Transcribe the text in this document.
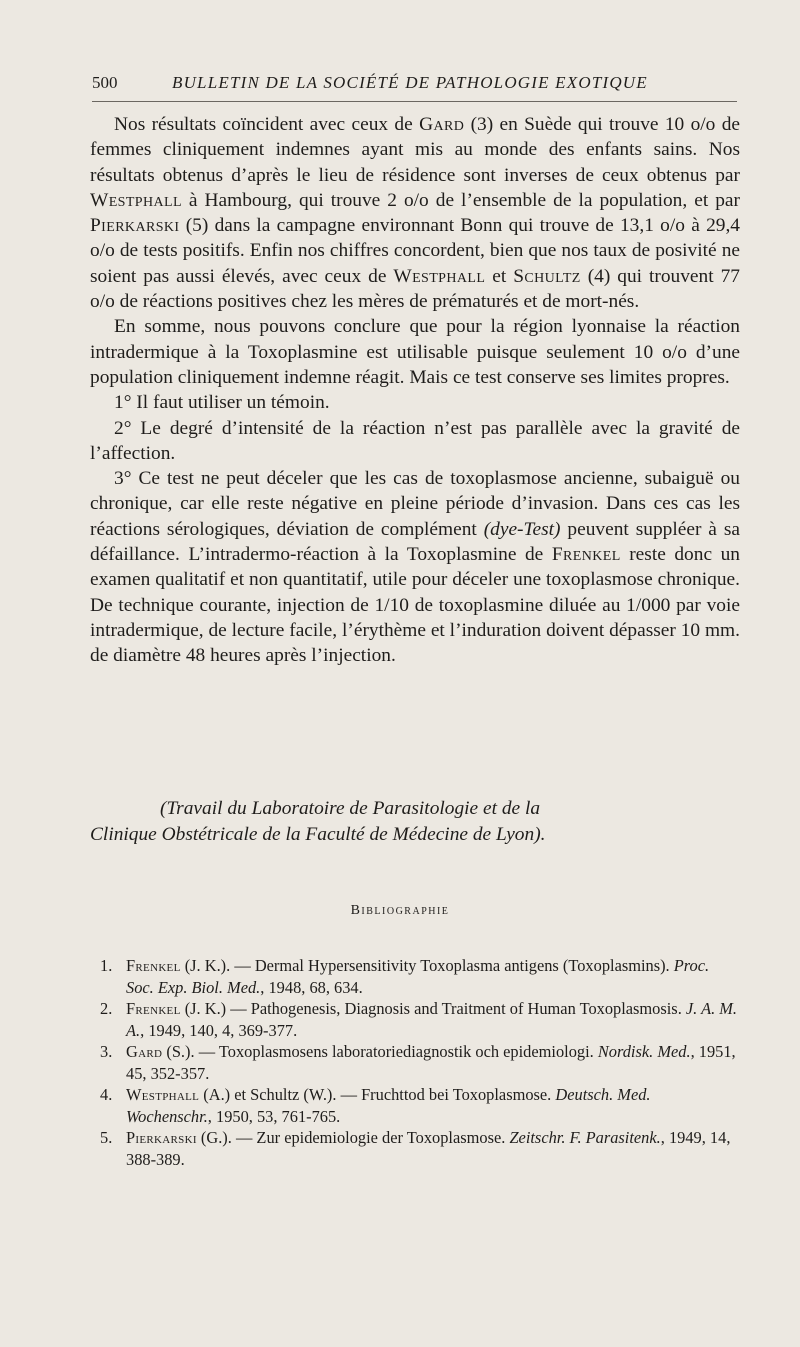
500	BULLETIN DE LA SOCIÉTÉ DE PATHOLOGIE EXOTIQUE

Nos résultats coïncident avec ceux de Gard (3) en Suède qui trouve 10 o/o de femmes cliniquement indemnes ayant mis au monde des enfants sains. Nos résultats obtenus d’après le lieu de résidence sont inverses de ceux obtenus par Westphall à Hambourg, qui trouve 2 o/o de l’ensemble de la population, et par Pierkarski (5) dans la campagne environnant Bonn qui trouve de 13,1 o/o à 29,4 o/o de tests positifs. Enfin nos chiffres concordent, bien que nos taux de posivité ne soient pas aussi élevés, avec ceux de Westphall et Schultz (4) qui trouvent 77 o/o de réactions positives chez les mères de prématurés et de mort-nés.

En somme, nous pouvons conclure que pour la région lyonnaise la réaction intradermique à la Toxoplasmine est utilisable puisque seulement 10 o/o d’une population cliniquement indemne réagit. Mais ce test conserve ses limites propres.

1° Il faut utiliser un témoin.

2° Le degré d’intensité de la réaction n’est pas parallèle avec la gravité de l’affection.

3° Ce test ne peut déceler que les cas de toxoplasmose ancienne, subaiguë ou chronique, car elle reste négative en pleine période d’invasion. Dans ces cas les réactions sérologiques, déviation de complément (dye-Test) peuvent suppléer à sa défaillance. L’intradermo-réaction à la Toxoplasmine de Frenkel reste donc un examen qualitatif et non quantitatif, utile pour déceler une toxoplasmose chronique. De technique courante, injection de 1/10 de toxoplasmine diluée au 1/000 par voie intradermique, de lecture facile, l’érythème et l’induration doivent dépasser 10 mm. de diamètre 48 heures après l’injection.

(Travail du Laboratoire de Parasitologie et de la

Clinique Obstétricale de la Faculté de Médecine de Lyon).
Bibliographie
1. Frenkel (J. K.). — Dermal Hypersensitivity Toxoplasma antigens (Toxoplasmins). Proc. Soc. Exp. Biol. Med., 1948, 68, 634.
2. Frenkel (J. K.) — Pathogenesis, Diagnosis and Traitment of Human Toxoplasmosis. J. A. M. A., 1949, 140, 4, 369-377.
3. Gard (S.). — Toxoplasmosens laboratoriediagnostik och epidemiologi. Nordisk. Med., 1951, 45, 352-357.
4. Westphall (A.) et Schultz (W.). — Fruchttod bei Toxoplasmose. Deutsch. Med. Wochenschr., 1950, 53, 761-765.
5. Pierkarski (G.). — Zur epidemiologie der Toxoplasmose. Zeitschr. F. Parasitenk., 1949, 14, 388-389.
